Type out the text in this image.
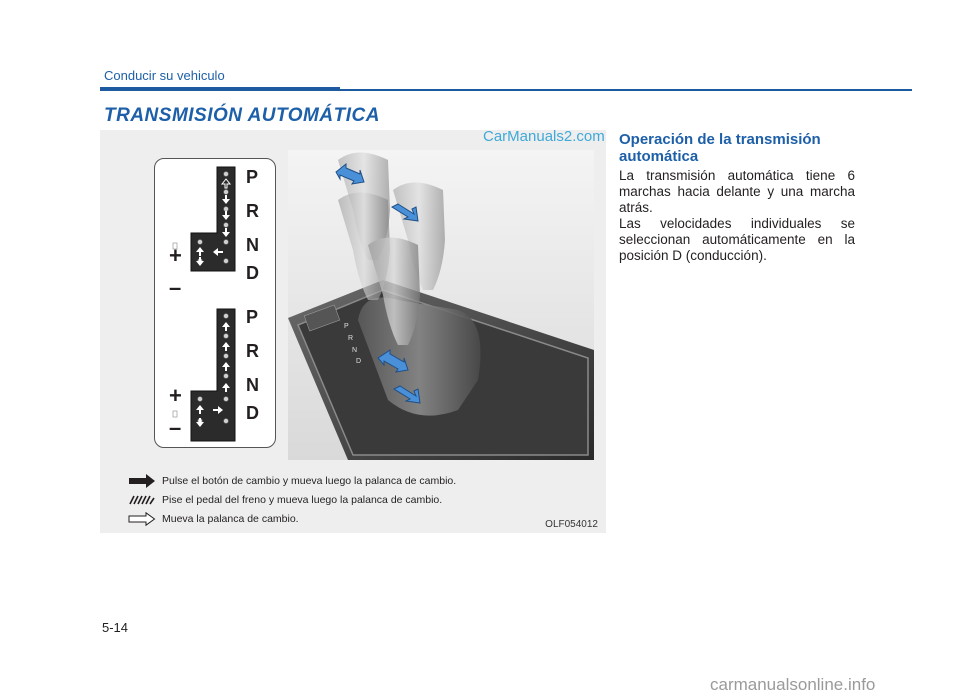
Conducir su vehiculo
TRANSMISIÓN AUTOMÁTICA
P
R
N
D
+
–
P
R
N
D
+
–
P
R
N
D
Pulse el botón de cambio y mueva luego la palanca de cambio.
Pise el pedal del freno y mueva luego la palanca de cambio.
Mueva la palanca de cambio.	OLF054012
CarManuals2.com Operación de la transmisión automática

La transmisión automática tiene 6 marchas hacia delante y una marcha atrás.

Las velocidades individuales se seleccionan automáticamente en la posición D (conducción).

5-14
carmanualsonline.info
